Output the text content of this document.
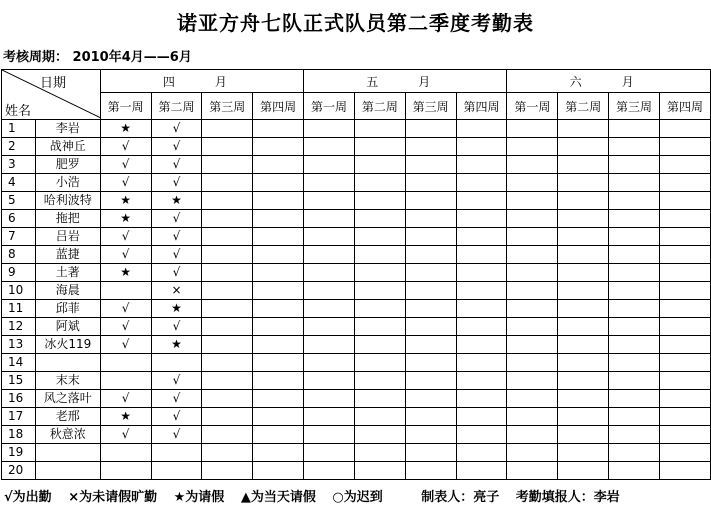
诺亚方舟七队正式队员第二季度考勤表
考核周期： 2010年4月——6月
日期
姓名		四　月				五　月				六　月			
		第一周	第二周	第三周	第四周	第一周	第二周	第三周	第四周	第一周	第二周	第三周	第四周
1	李岩	★	√										
2	战神丘	√	√										
3	肥罗	√	√										
4	小浩	√	√										
5	哈利波特	★	★										
6	拖把	★	√										
7	吕岩	√	√										
8	蓝捷	√	√										
9	土著	★	√										
10	海晨		×										
11	邱菲	√	★										
12	阿斌	√	√										
13	冰火119	√	★										
14													
15	末末		√										
16	风之落叶	√	√										
17	老邢	★	√										
18	秋意浓	√	√										
19													
20													
√为出勤 ×为未请假旷勤 ★为请假 ▲为当天请假 ○为迟到	制表人：亮子 考勤填报人：李岩
